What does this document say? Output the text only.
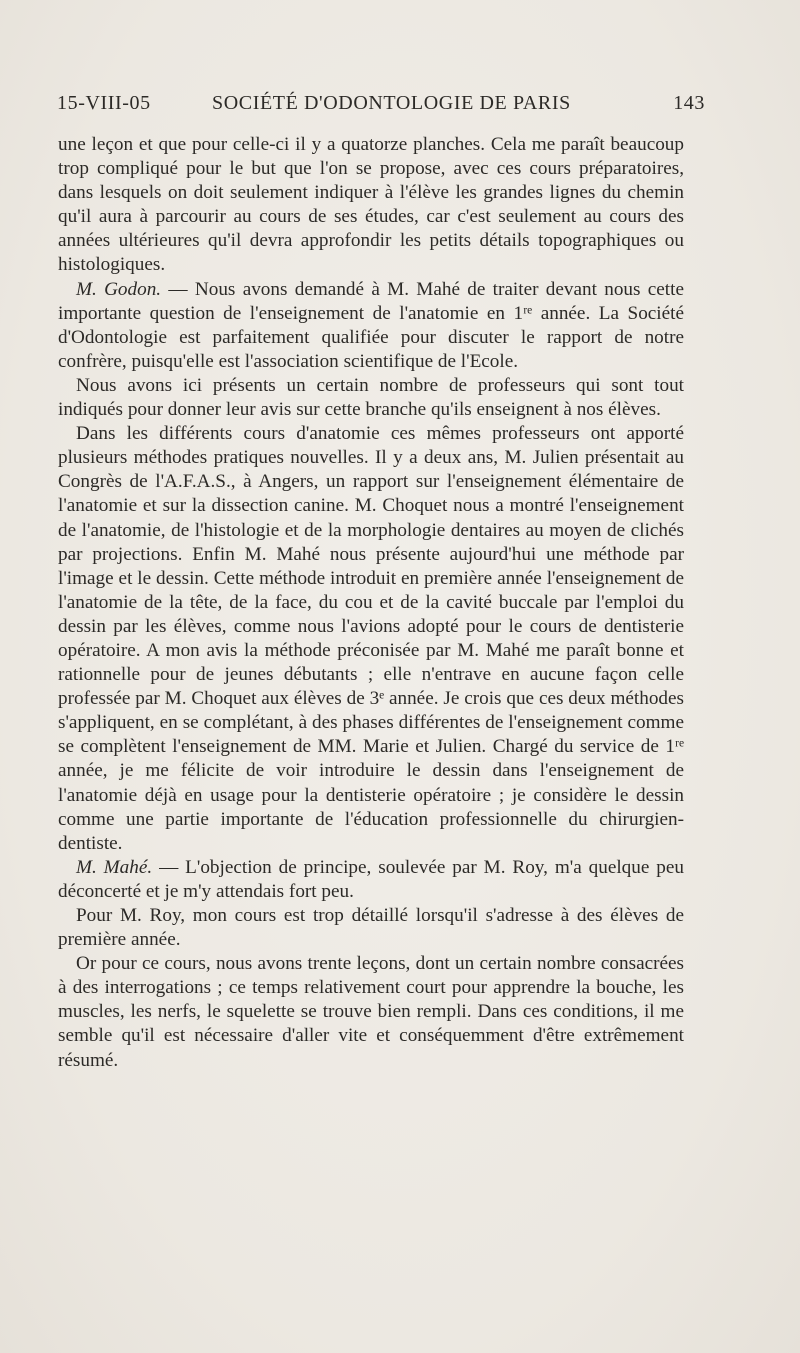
15-VIII-05	SOCIÉTÉ D'ODONTOLOGIE DE PARIS	143

une leçon et que pour celle-ci il y a quatorze planches. Cela me paraît beaucoup trop compliqué pour le but que l'on se propose, avec ces cours préparatoires, dans lesquels on doit seulement indiquer à l'élève les grandes lignes du chemin qu'il aura à parcourir au cours de ses études, car c'est seulement au cours des années ultérieures qu'il devra approfondir les petits détails topographiques ou histologiques.

M. Godon. — Nous avons demandé à M. Mahé de traiter devant nous cette importante question de l'enseignement de l'anatomie en 1ʳᵉ année. La Société d'Odontologie est parfaitement qualifiée pour discuter le rapport de notre confrère, puisqu'elle est l'association scientifique de l'Ecole.

Nous avons ici présents un certain nombre de professeurs qui sont tout indiqués pour donner leur avis sur cette branche qu'ils enseignent à nos élèves.

Dans les différents cours d'anatomie ces mêmes professeurs ont apporté plusieurs méthodes pratiques nouvelles. Il y a deux ans, M. Julien présentait au Congrès de l'A.F.A.S., à Angers, un rapport sur l'enseignement élémentaire de l'anatomie et sur la dissection canine. M. Choquet nous a montré l'enseignement de l'anatomie, de l'histologie et de la morphologie dentaires au moyen de clichés par projections. Enfin M. Mahé nous présente aujourd'hui une méthode par l'image et le dessin. Cette méthode introduit en première année l'enseignement de l'anatomie de la tête, de la face, du cou et de la cavité buccale par l'emploi du dessin par les élèves, comme nous l'avions adopté pour le cours de dentisterie opératoire. A mon avis la méthode préconisée par M. Mahé me paraît bonne et rationnelle pour de jeunes débutants ; elle n'entrave en aucune façon celle professée par M. Choquet aux élèves de 3ᵉ année. Je crois que ces deux méthodes s'appliquent, en se complétant, à des phases différentes de l'enseignement comme se complètent l'enseignement de MM. Marie et Julien. Chargé du service de 1ʳᵉ année, je me félicite de voir introduire le dessin dans l'enseignement de l'anatomie déjà en usage pour la dentisterie opératoire ; je considère le dessin comme une partie importante de l'éducation professionnelle du chirurgien-dentiste.

M. Mahé. — L'objection de principe, soulevée par M. Roy, m'a quelque peu déconcerté et je m'y attendais fort peu.

Pour M. Roy, mon cours est trop détaillé lorsqu'il s'adresse à des élèves de première année.

Or pour ce cours, nous avons trente leçons, dont un certain nombre consacrées à des interrogations ; ce temps relativement court pour apprendre la bouche, les muscles, les nerfs, le squelette se trouve bien rempli. Dans ces conditions, il me semble qu'il est nécessaire d'aller vite et conséquemment d'être extrêmement résumé.
